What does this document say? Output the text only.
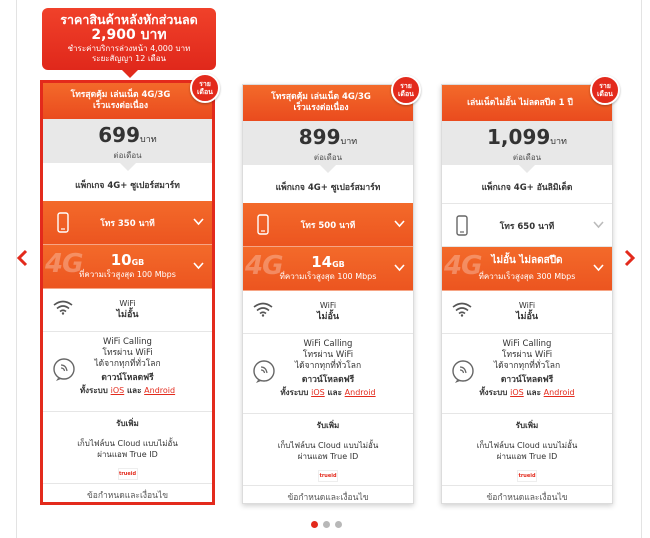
ราคาสินค้าหลังหักส่วนลด
2,900 บาท
ชำระค่าบริการล่วงหน้า 4,000 บาท
ระยะสัญญา 12 เดือน
ราย
เดือน
โทรสุดคุ้ม เล่นเน็ต 4G/3G
เร็วแรงต่อเนื่อง
699บาท
ต่อเดือน
แพ็กเกจ 4G+ ซูเปอร์สมาร์ท
โทร 350 นาที
4G	10GB
ที่ความเร็วสูงสุด 100 Mbps
WiFi
ไม่อั้น
WiFi Calling
โทรผ่าน WiFi
ได้จากทุกที่ทั่วโลก
ดาวน์โหลดฟรี
ทั้งระบบ iOS และ Android
รับเพิ่ม
เก็บไฟล์บน Cloud แบบไม่อั้น
ผ่านแอพ True ID
trueid
ข้อกำหนดและเงื่อนไข
ราย
เดือน
โทรสุดคุ้ม เล่นเน็ต 4G/3G
เร็วแรงต่อเนื่อง
899บาท
ต่อเดือน
แพ็กเกจ 4G+ ซูเปอร์สมาร์ท
โทร 500 นาที
4G	14GB
ที่ความเร็วสูงสุด 100 Mbps
WiFi
ไม่อั้น
WiFi Calling
โทรผ่าน WiFi
ได้จากทุกที่ทั่วโลก
ดาวน์โหลดฟรี
ทั้งระบบ iOS และ Android
รับเพิ่ม
เก็บไฟล์บน Cloud แบบไม่อั้น
ผ่านแอพ True ID
trueid
ข้อกำหนดและเงื่อนไข
ราย
เดือน
เล่นเน็ตไม่อั้น ไม่ลดสปีด 1 ปี
1,099บาท
ต่อเดือน
แพ็กเกจ 4G+ อันลิมิเต็ด
โทร 650 นาที
4G ไม่อั้น ไม่ลดสปีด
ที่ความเร็วสูงสุด 300 Mbps
WiFi
ไม่อั้น
WiFi Calling
โทรผ่าน WiFi
ได้จากทุกที่ทั่วโลก
ดาวน์โหลดฟรี
ทั้งระบบ iOS และ Android
รับเพิ่ม
เก็บไฟล์บน Cloud แบบไม่อั้น
ผ่านแอพ True ID
trueid
ข้อกำหนดและเงื่อนไข
